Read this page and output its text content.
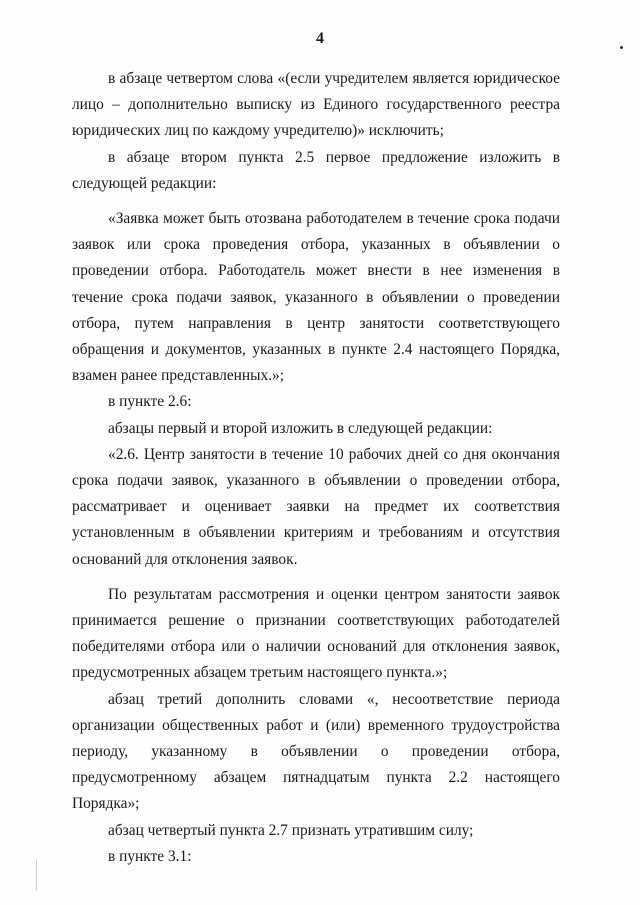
4

в абзаце четвертом слова «(если учредителем является юридическое лицо – дополнительно выписку из Единого государственного реестра юридических лиц по каждому учредителю)» исключить;

в абзаце втором пункта 2.5 первое предложение изложить в следующей редакции:

«Заявка может быть отозвана работодателем в течение срока подачи заявок или срока проведения отбора, указанных в объявлении о проведении отбора. Работодатель может внести в нее изменения в течение срока подачи заявок, указанного в объявлении о проведении отбора, путем направления в центр занятости соответствующего обращения и документов, указанных в пункте 2.4 настоящего Порядка, взамен ранее представленных.»;

в пункте 2.6:

абзацы первый и второй изложить в следующей редакции:

«2.6. Центр занятости в течение 10 рабочих дней со дня окончания срока подачи заявок, указанного в объявлении о проведении отбора, рассматривает и оценивает заявки на предмет их соответствия установленным в объявлении критериям и требованиям и отсутствия оснований для отклонения заявок.

По результатам рассмотрения и оценки центром занятости заявок принимается решение о признании соответствующих работодателей победителями отбора или о наличии оснований для отклонения заявок, предусмотренных абзацем третьим настоящего пункта.»;

абзац третий дополнить словами «, несоответствие периода организации общественных работ и (или) временного трудоустройства периоду, указанному в объявлении о проведении отбора, предусмотренному абзацем пятнадцатым пункта 2.2 настоящего Порядка»;

абзац четвертый пункта 2.7 признать утратившим силу;

в пункте 3.1:
